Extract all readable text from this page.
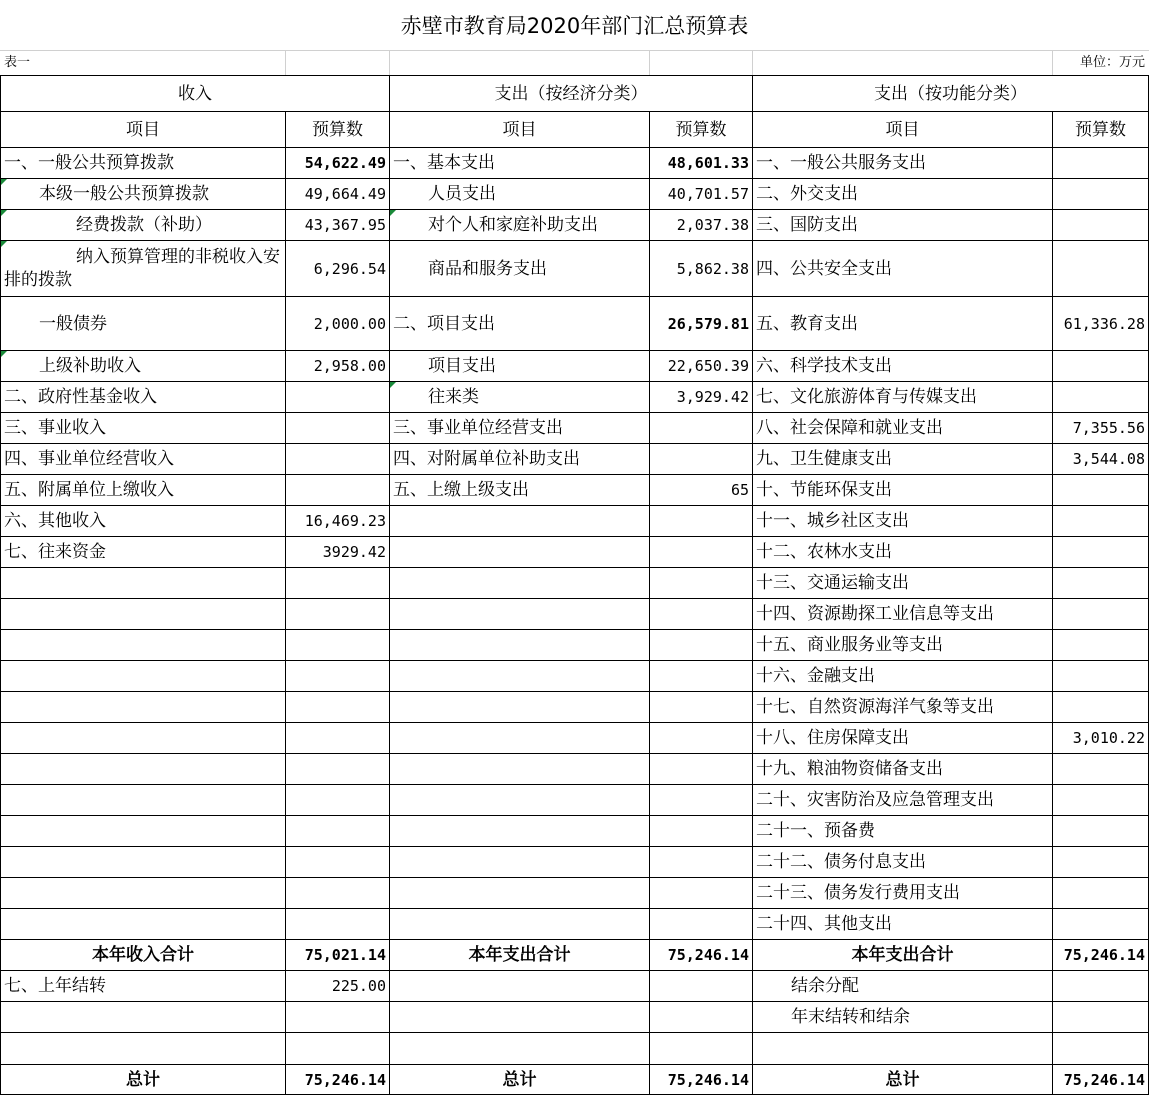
赤壁市教育局2020年部门汇总预算表
表一	单位：万元
收入		支出（按经济分类）		支出（按功能分类）	
项目	预算数	项目	预算数	项目	预算数
一、一般公共预算拨款	54,622.49	一、基本支出	48,601.33	一、一般公共服务支出	
本级一般公共预算拨款	49,664.49	人员支出	40,701.57	二、外交支出	
经费拨款（补助）	43,367.95	对个人和家庭补助支出	2,037.38	三、国防支出	
纳入预算管理的非税收入安排的拨款	6,296.54	商品和服务支出	5,862.38	四、公共安全支出	
一般债券	2,000.00	二、项目支出	26,579.81	五、教育支出	61,336.28
上级补助收入	2,958.00	项目支出	22,650.39	六、科学技术支出	
二、政府性基金收入		往来类	3,929.42	七、文化旅游体育与传媒支出	
三、事业收入		三、事业单位经营支出		八、社会保障和就业支出	7,355.56
四、事业单位经营收入		四、对附属单位补助支出		九、卫生健康支出	3,544.08
五、附属单位上缴收入		五、上缴上级支出	65	十、节能环保支出	
六、其他收入	16,469.23			十一、城乡社区支出	
七、往来资金	3929.42			十二、农林水支出	
				十三、交通运输支出	
				十四、资源勘探工业信息等支出	
				十五、商业服务业等支出	
				十六、金融支出	
				十七、自然资源海洋气象等支出	
				十八、住房保障支出	3,010.22
				十九、粮油物资储备支出	
				二十、灾害防治及应急管理支出	
				二十一、预备费	
				二十二、债务付息支出	
				二十三、债务发行费用支出	
				二十四、其他支出	
本年收入合计	75,021.14	本年支出合计	75,246.14	本年支出合计	75,246.14
七、上年结转	225.00			结余分配	
				年末结转和结余	

总计	75,246.14	总计	75,246.14	总计	75,246.14
